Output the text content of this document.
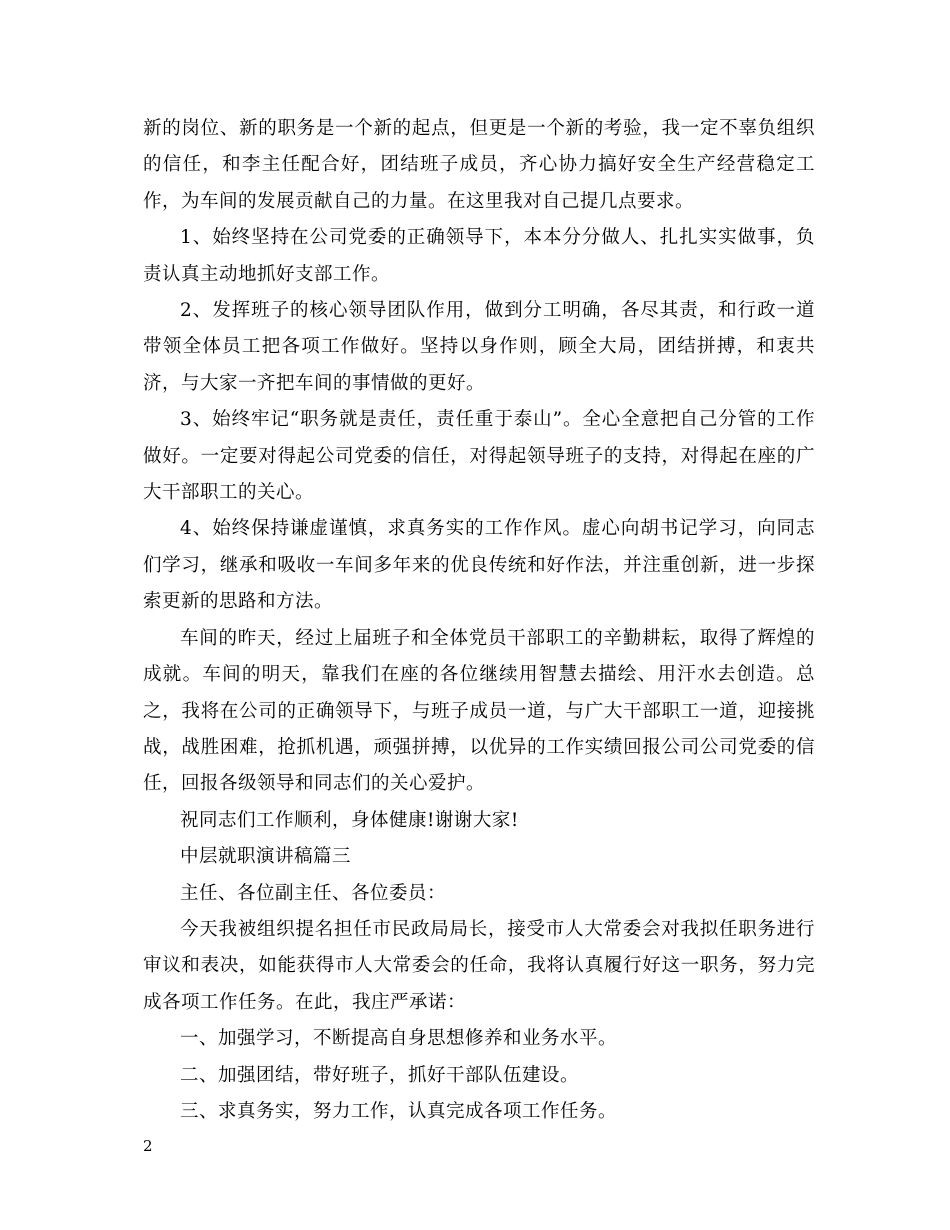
新的岗位、新的职务是一个新的起点，但更是一个新的考验，我一定不辜负组织的信任，和李主任配合好，团结班子成员，齐心协力搞好安全生产经营稳定工作，为车间的发展贡献自己的力量。在这里我对自己提几点要求。

1、始终坚持在公司党委的正确领导下，本本分分做人、扎扎实实做事，负责认真主动地抓好支部工作。

2、发挥班子的核心领导团队作用，做到分工明确，各尽其责，和行政一道带领全体员工把各项工作做好。坚持以身作则，顾全大局，团结拼搏，和衷共济，与大家一齐把车间的事情做的更好。

3、始终牢记“职务就是责任，责任重于泰山”。全心全意把自己分管的工作做好。一定要对得起公司党委的信任，对得起领导班子的支持，对得起在座的广大干部职工的关心。

4、始终保持谦虚谨慎，求真务实的工作作风。虚心向胡书记学习，向同志们学习，继承和吸收一车间多年来的优良传统和好作法，并注重创新，进一步探索更新的思路和方法。

车间的昨天，经过上届班子和全体党员干部职工的辛勤耕耘，取得了辉煌的成就。车间的明天，靠我们在座的各位继续用智慧去描绘、用汗水去创造。总之，我将在公司的正确领导下，与班子成员一道，与广大干部职工一道，迎接挑战，战胜困难，抢抓机遇，顽强拼搏，以优异的工作实绩回报公司公司党委的信任，回报各级领导和同志们的关心爱护。

祝同志们工作顺利，身体健康!谢谢大家!

中层就职演讲稿篇三

主任、各位副主任、各位委员：

今天我被组织提名担任市民政局局长，接受市人大常委会对我拟任职务进行审议和表决，如能获得市人大常委会的任命，我将认真履行好这一职务，努力完成各项工作任务。在此，我庄严承诺：

一、加强学习，不断提高自身思想修养和业务水平。

二、加强团结，带好班子，抓好干部队伍建设。

三、求真务实，努力工作，认真完成各项工作任务。

2
